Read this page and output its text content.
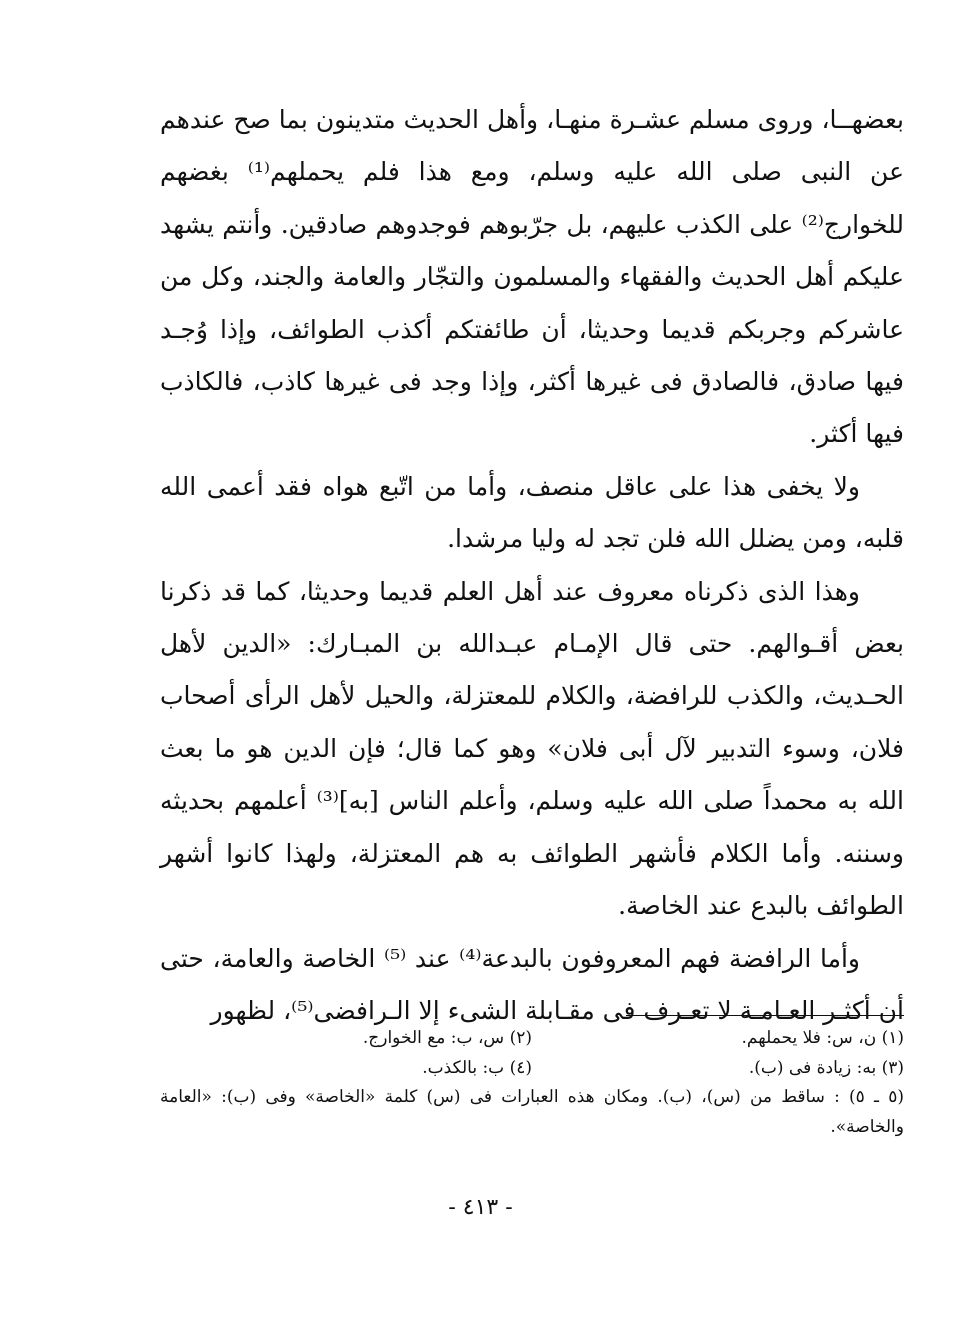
بعضهــا، وروى مسلم عشـرة منهـا، وأهل الحديث متدينون بما صح عندهم عن النبى صلى الله عليه وسلم، ومع هذا فلم يحملهم⁽¹⁾ بغضهم للخوارج⁽²⁾ على الكذب عليهم، بل جرّبوهم فوجدوهم صادقين. وأنتم يشهد عليكم أهل الحديث والفقهاء والمسلمون والتجّار والعامة والجند، وكل من عاشركم وجربكم قديما وحديثا، أن طائفتكم أكذب الطوائف، وإذا وُجـد فيها صادق، فالصادق فى غيرها أكثر، وإذا وجد فى غيرها كاذب، فالكاذب فيها أكثر.

ولا يخفى هذا على عاقل منصف، وأما من اتّبع هواه فقد أعمى الله قلبه، ومن يضلل الله فلن تجد له وليا مرشدا.

وهذا الذى ذكرناه معروف عند أهل العلم قديما وحديثا، كما قد ذكرنا بعض أقـوالهم. حتى قال الإمـام عبـدالله بن المبـارك: «الدين لأهل الحـديث، والكذب للرافضة، والكلام للمعتزلة، والحيل لأهل الرأى أصحاب فلان، وسوء التدبير لآل أبى فلان» وهو كما قال؛ فإن الدين هو ما بعث الله به محمداً صلى الله عليه وسلم، وأعلم الناس [به]⁽³⁾ أعلمهم بحديثه وسننه. وأما الكلام فأشهر الطوائف به هم المعتزلة، ولهذا كانوا أشهر الطوائف بالبدع عند الخاصة.

وأما الرافضة فهم المعروفون بالبدعة⁽⁴⁾ عند ⁽⁵⁾ الخاصة والعامة، حتى أن أكثـر العـامـة لا تعـرف فى مقـابلة الشىء إلا الـرافضى⁽⁵⁾، لظهور

(١) ن، س: فلا يحملهم.
(٢) س، ب: مع الخوارج.
(٣) به: زيادة فى (ب).
(٤) ب: بالكذب.
(٥ ـ ٥) : ساقط من (س)، (ب). ومكان هذه العبارات فى (س) كلمة «الخاصة» وفى (ب): «العامة والخاصة».
- ٤١٣ -
